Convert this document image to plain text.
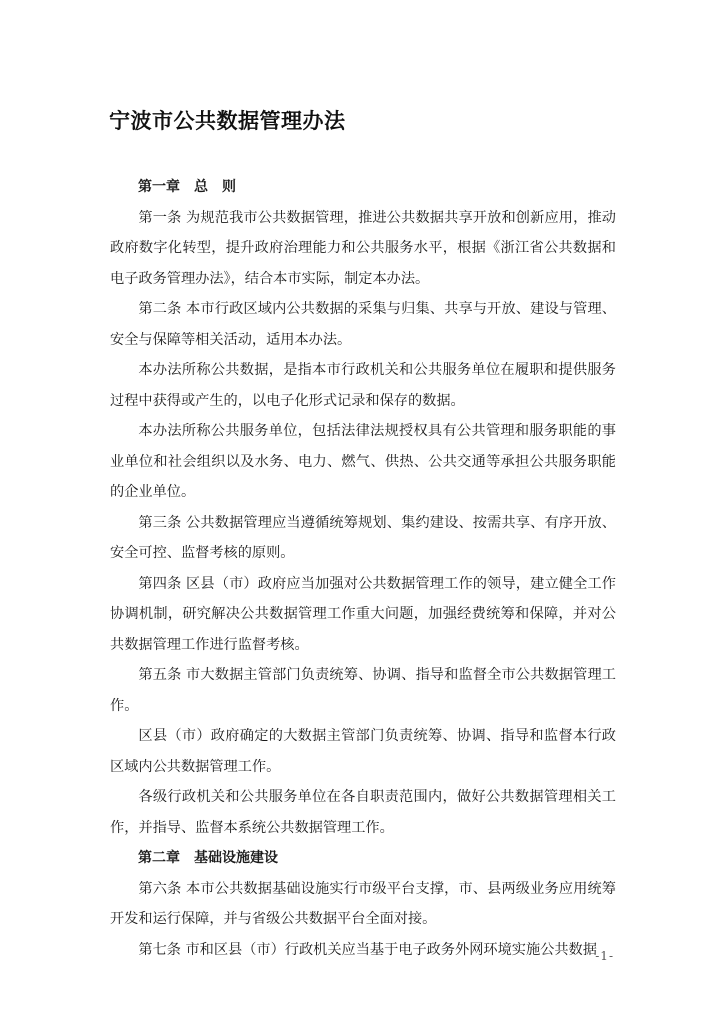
宁波市公共数据管理办法

第一章　总　则

第一条 为规范我市公共数据管理，推进公共数据共享开放和创新应用，推动政府数字化转型，提升政府治理能力和公共服务水平，根据《浙江省公共数据和电子政务管理办法》，结合本市实际，制定本办法。

第二条 本市行政区域内公共数据的采集与归集、共享与开放、建设与管理、安全与保障等相关活动，适用本办法。

本办法所称公共数据，是指本市行政机关和公共服务单位在履职和提供服务过程中获得或产生的，以电子化形式记录和保存的数据。

本办法所称公共服务单位，包括法律法规授权具有公共管理和服务职能的事业单位和社会组织以及水务、电力、燃气、供热、公共交通等承担公共服务职能的企业单位。

第三条 公共数据管理应当遵循统筹规划、集约建设、按需共享、有序开放、安全可控、监督考核的原则。

第四条 区县（市）政府应当加强对公共数据管理工作的领导，建立健全工作协调机制，研究解决公共数据管理工作重大问题，加强经费统筹和保障，并对公共数据管理工作进行监督考核。

第五条 市大数据主管部门负责统筹、协调、指导和监督全市公共数据管理工作。

区县（市）政府确定的大数据主管部门负责统筹、协调、指导和监督本行政区域内公共数据管理工作。

各级行政机关和公共服务单位在各自职责范围内，做好公共数据管理相关工作，并指导、监督本系统公共数据管理工作。

第二章　基础设施建设

第六条 本市公共数据基础设施实行市级平台支撑，市、县两级业务应用统筹开发和运行保障，并与省级公共数据平台全面对接。

第七条 市和区县（市）行政机关应当基于电子政务外网环境实施公共数据

-1-
